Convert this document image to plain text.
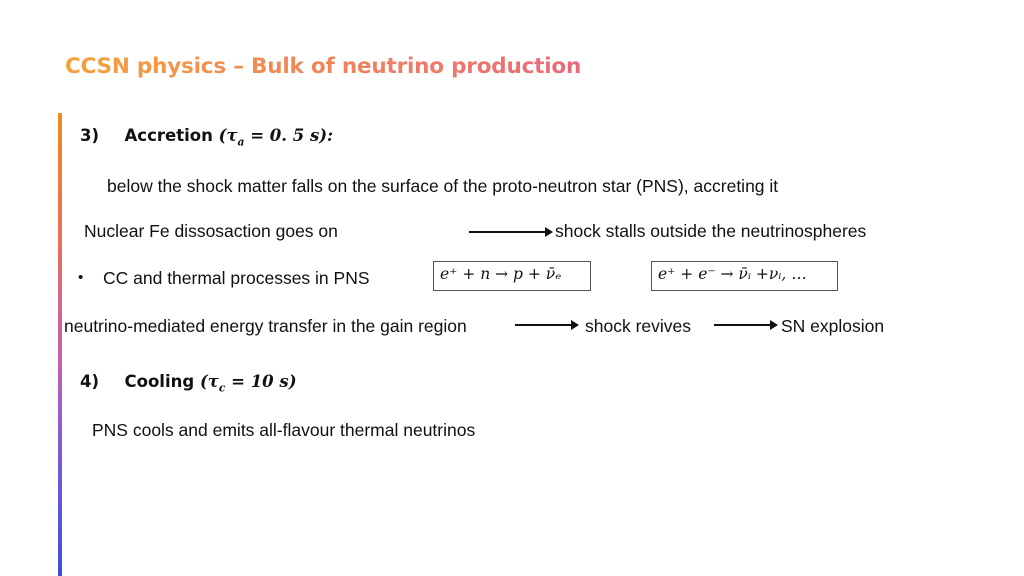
CCSN physics – Bulk of neutrino production
3) Accretion ($\tau_a = 0$. 5 s):
below the shock matter falls on the surface of the proto-neutron star (PNS), accreting it
Nuclear Fe dissosaction goes on	shock stalls outside the neutrinospheres
• CC and thermal processes in PNS	e⁺ + n → p + ν̄ₑ	e⁺ + e⁻ → ν̄ᵢ +νᵢ, …
neutrino-mediated energy transfer in the gain region	shock revives	SN explosion
4) Cooling ($\tau_c = 10$ s)
PNS cools and emits all-flavour thermal neutrinos
